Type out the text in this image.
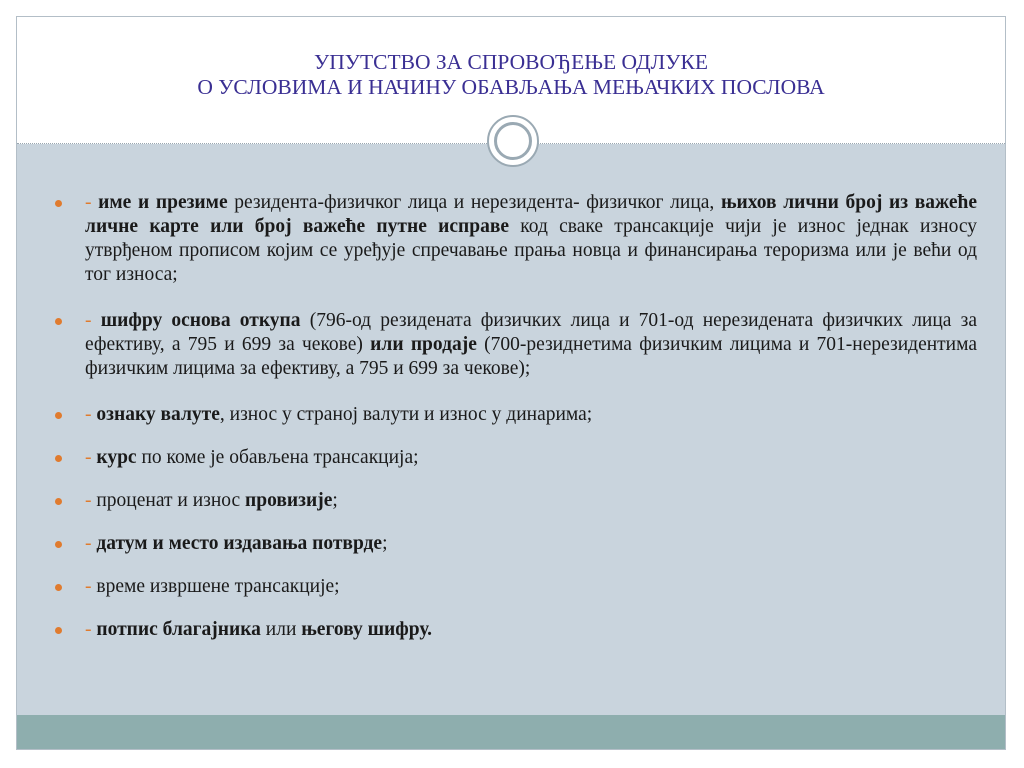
УПУТСТВО ЗА СПРОВОЂЕЊЕ ОДЛУКЕ
О УСЛОВИМА И НАЧИНУ ОБАВЉАЊА МЕЊАЧКИХ ПОСЛОВА
- име и презиме резидента-физичког лица и нерезидента- физичког лица, њихов лични број из важеће личне карте или број важеће путне исправе код сваке трансакције чији је износ једнак износу утврђеном прописом којим се уређује спречавање прања новца и финансирања тероризма или је већи од тог износа;
- шифру основа откупа (796-од резидената физичких лица и 701-од нерезидената физичких лица за ефективу, а 795 и 699 за чекове) или продаје (700-резиднетима физичким лицима и 701-нерезидентима физичким лицима за ефективу, а 795 и 699 за чекове);
- ознаку валуте, износ у страној валути и износ у динарима;
- курс по коме је обављена трансакција;
- проценат и износ провизије;
- датум и место издавања потврде;
- време извршене трансакције;
- потпис благајника или његову шифру.
